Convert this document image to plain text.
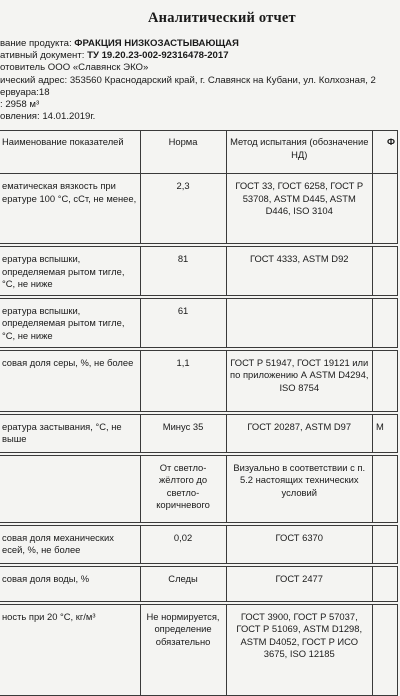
Аналитический отчет
вание продукта: ФРАКЦИЯ НИЗКОЗАСТЫВАЮЩАЯ
ативный документ: ТУ 19.20.23-002-92316478-2017
отовитель ООО «Славянск ЭКО»
ический адрес: 353560 Краснодарский край, г. Славянск на Кубани, ул. Колхозная, 2
ервуара:18
: 2958 м³
овления: 14.01.2019г.
Наименование показателей	Норма	Метод испытания (обозначение НД)	Ф
ематическая вязкость при ературе 100 °С, сСт, не менее,	2,3	ГОСТ 33, ГОСТ 6258, ГОСТ Р 53708, ASTM D445, ASTM D446, ISO 3104	

ература вспышки, определяемая рытом тигле, °С, не ниже	81	ГОСТ 4333, ASTM D92	

ература вспышки, определяемая рытом тигле, °С, не ниже	61		

совая доля серы, %, не более	1,1	ГОСТ Р 51947, ГОСТ 19121 или по приложению А ASTM D4294, ISO 8754	

ература застывания, °С, не выше	Минус 35	ГОСТ 20287, ASTM D97	М

	От светло-жёлтого до светло-коричневого	Визуально в соответствии с п. 5.2 настоящих технических условий	

совая доля механических есей, %, не более	0,02	ГОСТ 6370	

совая доля воды, %	Следы	ГОСТ 2477	

ность при 20 °С, кг/м³	Не нормируется, определение обязательно	ГОСТ 3900, ГОСТ Р 57037, ГОСТ Р 51069, ASTM D1298, ASTM D4052, ГОСТ Р ИСО 3675, ISO 12185	
